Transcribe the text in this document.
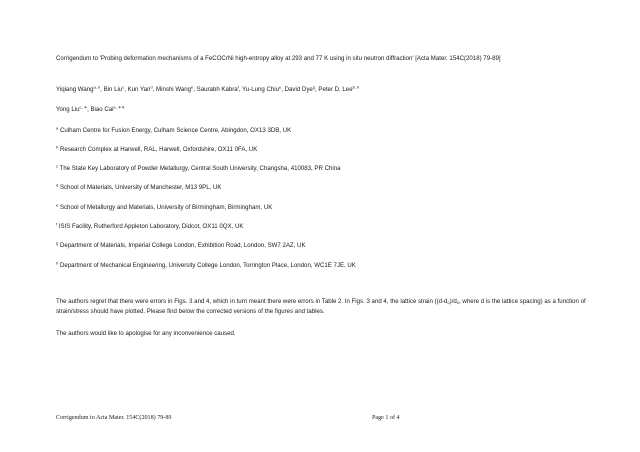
Corrigendum to 'Probing deformation mechanisms of a FeCOCrNi high-entropy alloy at 293 and 77 K using in situ neutron diffraction' [Acta Mater. 154C(2018) 79-89]
Yiqiang Wang$^{a, b}$, Bin Liu$^c$, Kun Yan$^d$, Minshi Wang$^e$, Saurabh Kabra$^f$, Yu-Lung Chiu$^e$, David Dye$^g$, Peter D. Lee$^{b, h}$
Yong Liu$^{c, ∗}$, Biao Cai$^{e, ∗∗}$
$^a$ Culham Centre for Fusion Energy, Culham Science Centre, Abingdon, OX13 3DB, UK
$^b$ Research Complex at Harwell, RAL, Harwell, Oxfordshire, OX11 0FA, UK
$^c$ The State Key Laboratory of Powder Metallurgy, Central South University, Changsha, 410083, PR China
$^d$ School of Materials, University of Manchester, M13 9PL, UK
$^e$ School of Metallurgy and Materials, University of Birmingham, Birmingham, UK
$^f$ ISIS Facility, Rutherford Appleton Laboratory, Didcot, OX11 0QX, UK
$^g$ Department of Materials, Imperial College London, Exhibition Road, London, SW7 2AZ, UK
$^h$ Department of Mechanical Engineering, University College London, Torrington Place, London, WC1E 7JE, UK
The authors regret that there were errors in Figs. 3 and 4, which in turn meant there were errors in Table 2. In Figs. 3 and 4, the lattice strain ($(d-d_0)/d_0$, where d is the lattice spacing) as a function of strain/stress should have plotted. Please find below the corrected versions of the figures and tables.
The authors would like to apologise for any inconvenience caused.
Corrigendum to Acta Mater. 154C(2018) 79-89	Page 1 of 4
